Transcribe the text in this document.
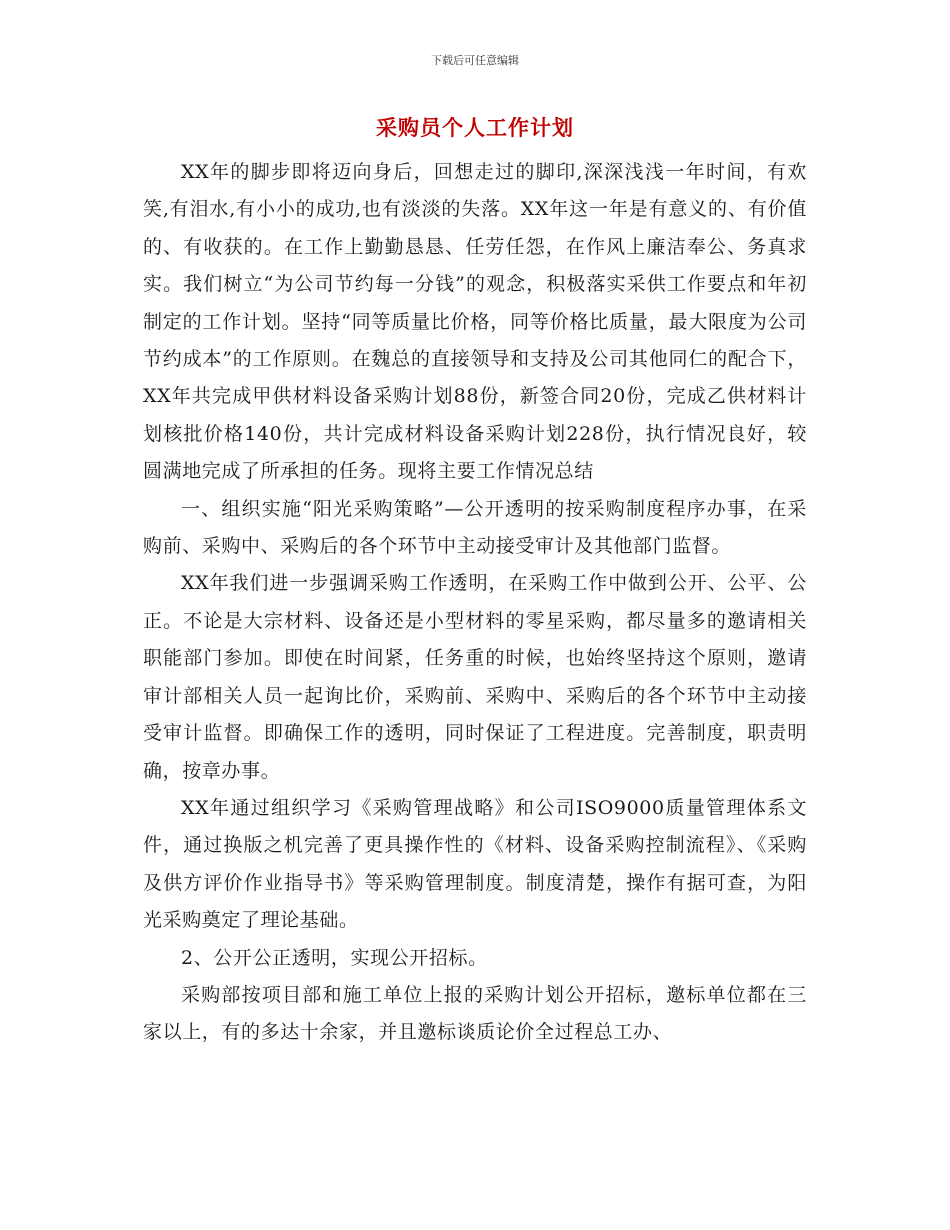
下载后可任意编辑
采购员个人工作计划

XX年的脚步即将迈向身后，回想走过的脚印,深深浅浅一年时间，有欢笑,有泪水,有小小的成功,也有淡淡的失落。XX年这一年是有意义的、有价值的、有收获的。在工作上勤勤恳恳、任劳任怨，在作风上廉洁奉公、务真求实。我们树立“为公司节约每一分钱”的观念，积极落实采供工作要点和年初制定的工作计划。坚持“同等质量比价格，同等价格比质量，最大限度为公司节约成本”的工作原则。在魏总的直接领导和支持及公司其他同仁的配合下，XX年共完成甲供材料设备采购计划88份，新签合同20份，完成乙供材料计划核批价格140份，共计完成材料设备采购计划228份，执行情况良好，较圆满地完成了所承担的任务。现将主要工作情况总结

一、组织实施“阳光采购策略”—公开透明的按采购制度程序办事，在采购前、采购中、采购后的各个环节中主动接受审计及其他部门监督。

XX年我们进一步强调采购工作透明，在采购工作中做到公开、公平、公正。不论是大宗材料、设备还是小型材料的零星采购，都尽量多的邀请相关职能部门参加。即使在时间紧，任务重的时候，也始终坚持这个原则，邀请审计部相关人员一起询比价，采购前、采购中、采购后的各个环节中主动接受审计监督。即确保工作的透明，同时保证了工程进度。完善制度，职责明确，按章办事。

XX年通过组织学习《采购管理战略》和公司ISO9000质量管理体系文件，通过换版之机完善了更具操作性的《材料、设备采购控制流程》、《采购及供方评价作业指导书》等采购管理制度。制度清楚，操作有据可查，为阳光采购奠定了理论基础。

2、公开公正透明，实现公开招标。

采购部按项目部和施工单位上报的采购计划公开招标，邀标单位都在三家以上，有的多达十余家，并且邀标谈质论价全过程总工办、
